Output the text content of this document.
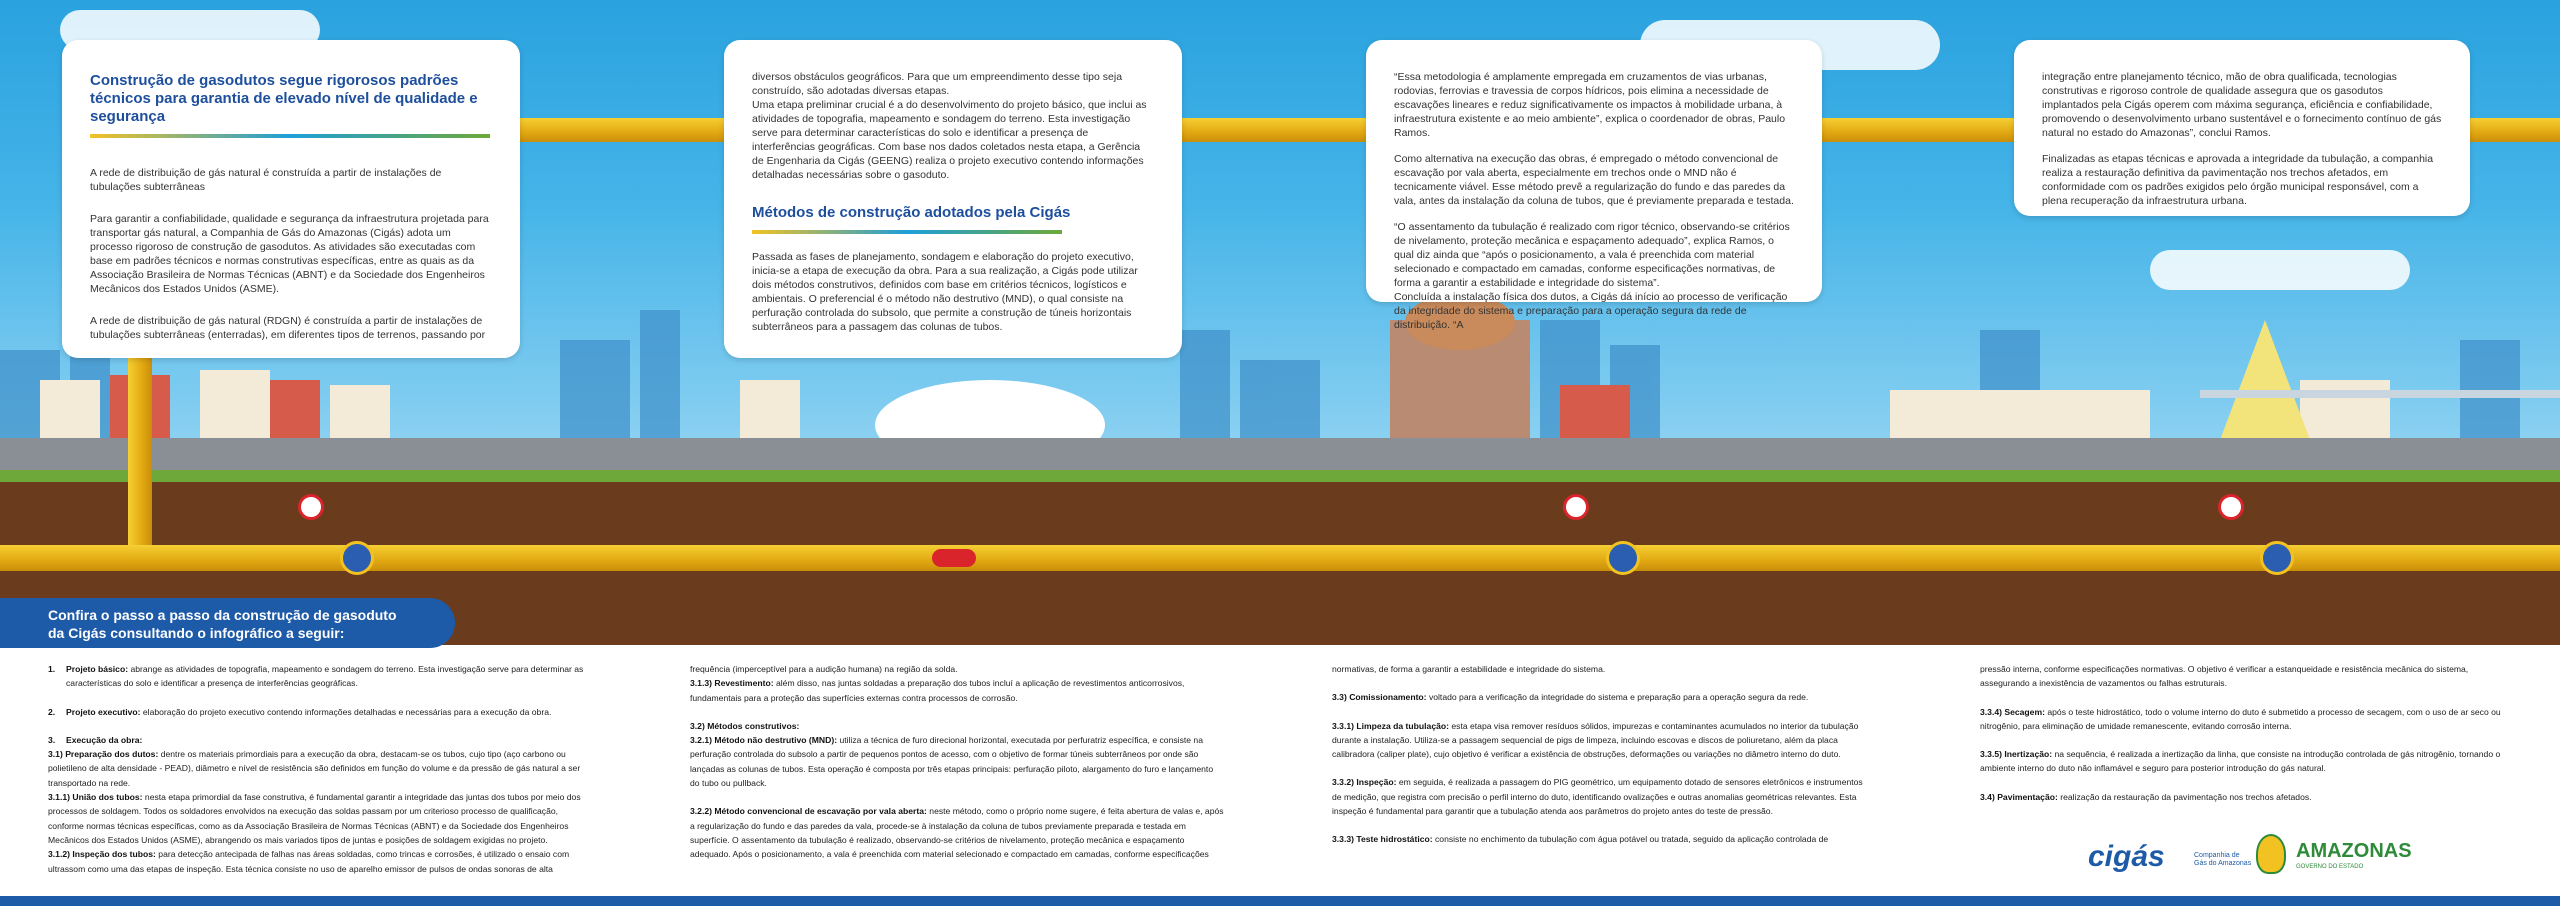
Construção de gasodutos segue rigorosos padrões técnicos para garantia de elevado nível de qualidade e segurança

A rede de distribuição de gás natural é construída a partir de instalações de tubulações subterrâneas

Para garantir a confiabilidade, qualidade e segurança da infraestrutura projetada para transportar gás natural, a Companhia de Gás do Amazonas (Cigás) adota um processo rigoroso de construção de gasodutos. As atividades são executadas com base em padrões técnicos e normas construtivas específicas, entre as quais as da Associação Brasileira de Normas Técnicas (ABNT) e da Sociedade dos Engenheiros Mecânicos dos Estados Unidos (ASME).

A rede de distribuição de gás natural (RDGN) é construída a partir de instalações de tubulações subterrâneas (enterradas), em diferentes tipos de terrenos, passando por

diversos obstáculos geográficos. Para que um empreendimento desse tipo seja construído, são adotadas diversas etapas.

Uma etapa preliminar crucial é a do desenvolvimento do projeto básico, que inclui as atividades de topografia, mapeamento e sondagem do terreno. Esta investigação serve para determinar características do solo e identificar a presença de interferências geográficas. Com base nos dados coletados nesta etapa, a Gerência de Engenharia da Cigás (GEENG) realiza o projeto executivo contendo informações detalhadas necessárias sobre o gasoduto.

Métodos de construção adotados pela Cigás

Passada as fases de planejamento, sondagem e elaboração do projeto executivo, inicia-se a etapa de execução da obra. Para a sua realização, a Cigás pode utilizar dois métodos construtivos, definidos com base em critérios técnicos, logísticos e ambientais. O preferencial é o método não destrutivo (MND), o qual consiste na perfuração controlada do subsolo, que permite a construção de túneis horizontais subterrâneos para a passagem das colunas de tubos.

“Essa metodologia é amplamente empregada em cruzamentos de vias urbanas, rodovias, ferrovias e travessia de corpos hídricos, pois elimina a necessidade de escavações lineares e reduz significativamente os impactos à mobilidade urbana, à infraestrutura existente e ao meio ambiente”, explica o coordenador de obras, Paulo Ramos.

Como alternativa na execução das obras, é empregado o método convencional de escavação por vala aberta, especialmente em trechos onde o MND não é tecnicamente viável. Esse método prevê a regularização do fundo e das paredes da vala, antes da instalação da coluna de tubos, que é previamente preparada e testada.

“O assentamento da tubulação é realizado com rigor técnico, observando-se critérios de nivelamento, proteção mecânica e espaçamento adequado”, explica Ramos, o qual diz ainda que “após o posicionamento, a vala é preenchida com material selecionado e compactado em camadas, conforme especificações normativas, de forma a garantir a estabilidade e integridade do sistema”.

Concluída a instalação física dos dutos, a Cigás dá início ao processo de verificação da integridade do sistema e preparação para a operação segura da rede de distribuição. “A

integração entre planejamento técnico, mão de obra qualificada, tecnologias construtivas e rigoroso controle de qualidade assegura que os gasodutos implantados pela Cigás operem com máxima segurança, eficiência e confiabilidade, promovendo o desenvolvimento urbano sustentável e o fornecimento contínuo de gás natural no estado do Amazonas”, conclui Ramos.

Finalizadas as etapas técnicas e aprovada a integridade da tubulação, a companhia realiza a restauração definitiva da pavimentação nos trechos afetados, em conformidade com os padrões exigidos pelo órgão municipal responsável, com a plena recuperação da infraestrutura urbana.

Confira o passo a passo da construção de gasoduto
da Cigás consultando o infográfico a seguir:

1. Projeto básico: abrange as atividades de topografia, mapeamento e sondagem do terreno. Esta investigação serve para determinar as características do solo e identificar a presença de interferências geográficas.

2. Projeto executivo: elaboração do projeto executivo contendo informações detalhadas e necessárias para a execução da obra.

3. Execução da obra:

3.1) Preparação dos dutos: dentre os materiais primordiais para a execução da obra, destacam-se os tubos, cujo tipo (aço carbono ou polietileno de alta densidade - PEAD), diâmetro e nível de resistência são definidos em função do volume e da pressão de gás natural a ser transportado na rede.

3.1.1) União dos tubos: nesta etapa primordial da fase construtiva, é fundamental garantir a integridade das juntas dos tubos por meio dos processos de soldagem. Todos os soldadores envolvidos na execução das soldas passam por um criterioso processo de qualificação, conforme normas técnicas específicas, como as da Associação Brasileira de Normas Técnicas (ABNT) e da Sociedade dos Engenheiros Mecânicos dos Estados Unidos (ASME), abrangendo os mais variados tipos de juntas e posições de soldagem exigidas no projeto.

3.1.2) Inspeção dos tubos: para detecção antecipada de falhas nas áreas soldadas, como trincas e corrosões, é utilizado o ensaio com ultrassom como uma das etapas de inspeção. Esta técnica consiste no uso de aparelho emissor de pulsos de ondas sonoras de alta

frequência (imperceptível para a audição humana) na região da solda.

3.1.3) Revestimento: além disso, nas juntas soldadas a preparação dos tubos incluí a aplicação de revestimentos anticorrosivos, fundamentais para a proteção das superfícies externas contra processos de corrosão.

3.2) Métodos construtivos:

3.2.1) Método não destrutivo (MND): utiliza a técnica de furo direcional horizontal, executada por perfuratriz específica, e consiste na perfuração controlada do subsolo a partir de pequenos pontos de acesso, com o objetivo de formar túneis subterrâneos por onde são lançadas as colunas de tubos. Esta operação é composta por três etapas principais: perfuração piloto, alargamento do furo e lançamento do tubo ou pullback.

3.2.2) Método convencional de escavação por vala aberta: neste método, como o próprio nome sugere, é feita abertura de valas e, após a regularização do fundo e das paredes da vala, procede-se à instalação da coluna de tubos previamente preparada e testada em superfície. O assentamento da tubulação é realizado, observando-se critérios de nivelamento, proteção mecânica e espaçamento adequado. Após o posicionamento, a vala é preenchida com material selecionado e compactado em camadas, conforme especificações

normativas, de forma a garantir a estabilidade e integridade do sistema.

3.3) Comissionamento: voltado para a verificação da integridade do sistema e preparação para a operação segura da rede.

3.3.1) Limpeza da tubulação: esta etapa visa remover resíduos sólidos, impurezas e contaminantes acumulados no interior da tubulação durante a instalação. Utiliza-se a passagem sequencial de pigs de limpeza, incluindo escovas e discos de poliuretano, além da placa calibradora (caliper plate), cujo objetivo é verificar a existência de obstruções, deformações ou variações no diâmetro interno do duto.

3.3.2) Inspeção: em seguida, é realizada a passagem do PIG geométrico, um equipamento dotado de sensores eletrônicos e instrumentos de medição, que registra com precisão o perfil interno do duto, identificando ovalizações e outras anomalias geométricas relevantes. Esta inspeção é fundamental para garantir que a tubulação atenda aos parâmetros do projeto antes do teste de pressão.

3.3.3) Teste hidrostático: consiste no enchimento da tubulação com água potável ou tratada, seguido da aplicação controlada de

pressão interna, conforme especificações normativas. O objetivo é verificar a estanqueidade e resistência mecânica do sistema, assegurando a inexistência de vazamentos ou falhas estruturais.

3.3.4) Secagem: após o teste hidrostático, todo o volume interno do duto é submetido a processo de secagem, com o uso de ar seco ou nitrogênio, para eliminação de umidade remanescente, evitando corrosão interna.

3.3.5) Inertização: na sequência, é realizada a inertização da linha, que consiste na introdução controlada de gás nitrogênio, tornando o ambiente interno do duto não inflamável e seguro para posterior introdução do gás natural.

3.4) Pavimentação: realização da restauração da pavimentação nos trechos afetados.

cigás	Companhia de Gás do Amazonas
AMAZONAS
GOVERNO DO ESTADO
